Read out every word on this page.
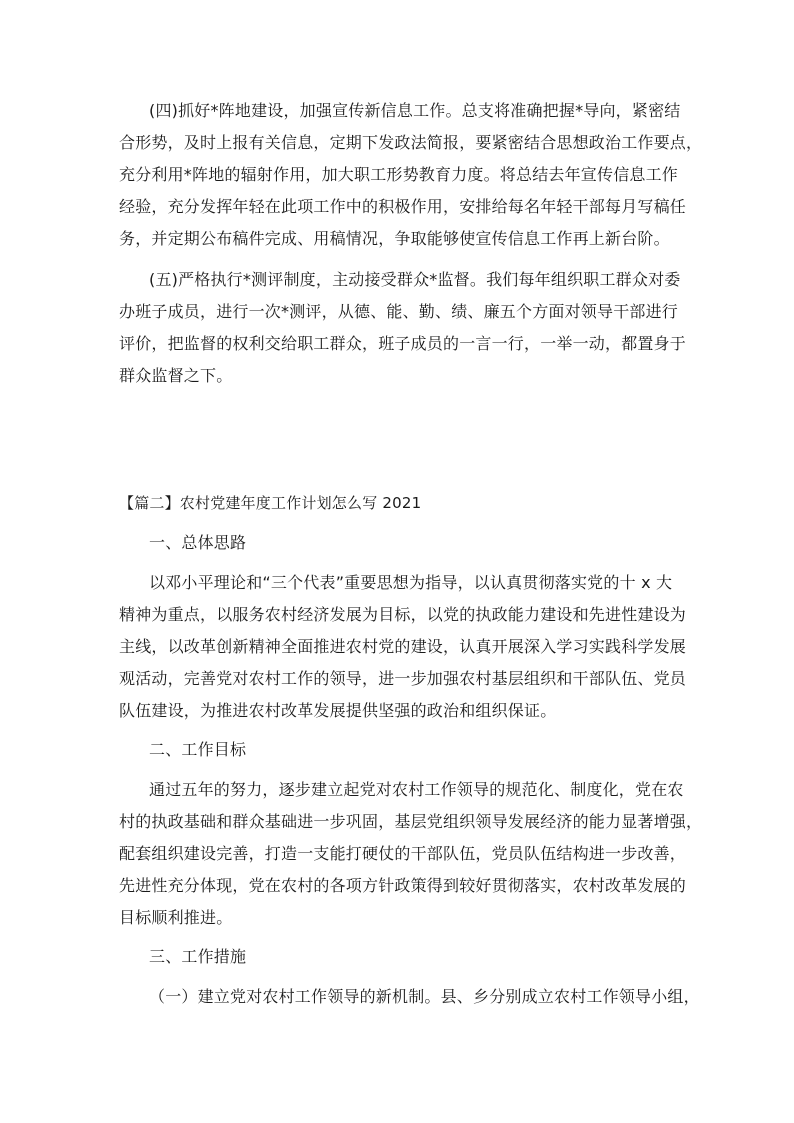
(四)抓好*阵地建设，加强宣传新信息工作。总支将准确把握*导向，紧密结
合形势，及时上报有关信息，定期下发政法简报，要紧密结合思想政治工作要点，
充分利用*阵地的辐射作用，加大职工形势教育力度。将总结去年宣传信息工作
经验，充分发挥年轻在此项工作中的积极作用，安排给每名年轻干部每月写稿任
务，并定期公布稿件完成、用稿情况，争取能够使宣传信息工作再上新台阶。
(五)严格执行*测评制度，主动接受群众*监督。我们每年组织职工群众对委
办班子成员，进行一次*测评，从德、能、勤、绩、廉五个方面对领导干部进行
评价，把监督的权利交给职工群众，班子成员的一言一行，一举一动，都置身于
群众监督之下。
【篇二】农村党建年度工作计划怎么写 2021
一、总体思路
以邓小平理论和“三个代表”重要思想为指导，以认真贯彻落实党的十 x 大
精神为重点，以服务农村经济发展为目标，以党的执政能力建设和先进性建设为
主线，以改革创新精神全面推进农村党的建设，认真开展深入学习实践科学发展
观活动，完善党对农村工作的领导，进一步加强农村基层组织和干部队伍、党员
队伍建设，为推进农村改革发展提供坚强的政治和组织保证。
二、工作目标
通过五年的努力，逐步建立起党对农村工作领导的规范化、制度化，党在农
村的执政基础和群众基础进一步巩固，基层党组织领导发展经济的能力显著增强，
配套组织建设完善，打造一支能打硬仗的干部队伍，党员队伍结构进一步改善，
先进性充分体现，党在农村的各项方针政策得到较好贯彻落实，农村改革发展的
目标顺利推进。
三、工作措施
（一）建立党对农村工作领导的新机制。县、乡分别成立农村工作领导小组，
